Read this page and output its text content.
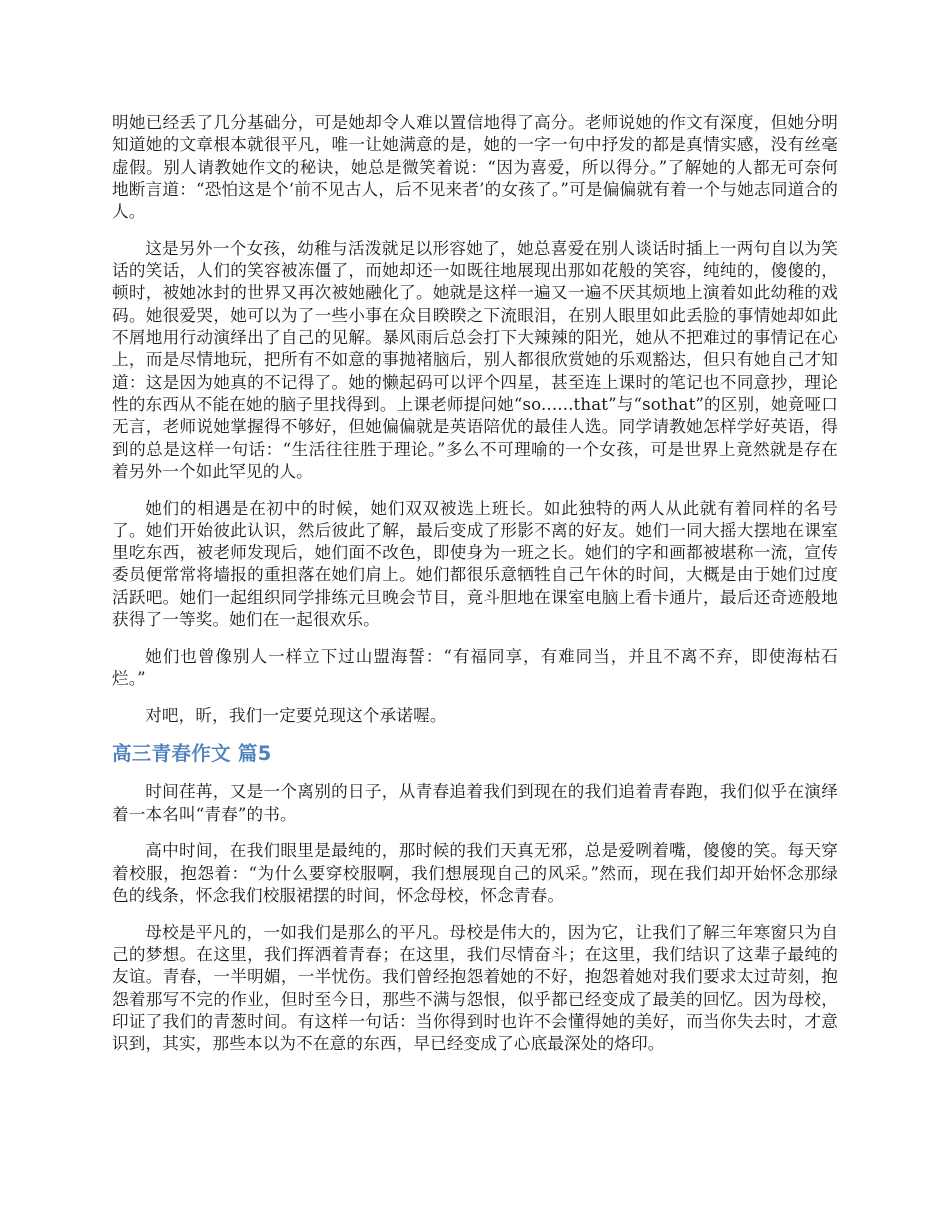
明她已经丢了几分基础分，可是她却令人难以置信地得了高分。老师说她的作文有深度，但她分明知道她的文章根本就很平凡，唯一让她满意的是，她的一字一句中抒发的都是真情实感，没有丝毫虚假。别人请教她作文的秘诀，她总是微笑着说：“因为喜爱，所以得分。”了解她的人都无可奈何地断言道：“恐怕这是个‘前不见古人，后不见来者’的女孩了。”可是偏偏就有着一个与她志同道合的人。

这是另外一个女孩，幼稚与活泼就足以形容她了，她总喜爱在别人谈话时插上一两句自以为笑话的笑话，人们的笑容被冻僵了，而她却还一如既往地展现出那如花般的笑容，纯纯的，傻傻的，顿时，被她冰封的世界又再次被她融化了。她就是这样一遍又一遍不厌其烦地上演着如此幼稚的戏码。她很爱哭，她可以为了一些小事在众目睽睽之下流眼泪，在别人眼里如此丢脸的事情她却如此不屑地用行动演绎出了自己的见解。暴风雨后总会打下大辣辣的阳光，她从不把难过的事情记在心上，而是尽情地玩，把所有不如意的事抛褚脑后，别人都很欣赏她的乐观豁达，但只有她自己才知道：这是因为她真的不记得了。她的懒起码可以评个四星，甚至连上课时的笔记也不同意抄，理论性的东西从不能在她的脑子里找得到。上课老师提问她“so......that”与“sothat”的区别，她竟哑口无言，老师说她掌握得不够好，但她偏偏就是英语陪优的最佳人选。同学请教她怎样学好英语，得到的总是这样一句话：“生活往往胜于理论。”多么不可理喻的一个女孩，可是世界上竟然就是存在着另外一个如此罕见的人。

她们的相遇是在初中的时候，她们双双被选上班长。如此独特的两人从此就有着同样的名号了。她们开始彼此认识，然后彼此了解，最后变成了形影不离的好友。她们一同大摇大摆地在课室里吃东西，被老师发现后，她们面不改色，即使身为一班之长。她们的字和画都被堪称一流，宣传委员便常常将墙报的重担落在她们肩上。她们都很乐意牺牲自己午休的时间，大概是由于她们过度活跃吧。她们一起组织同学排练元旦晚会节目，竟斗胆地在课室电脑上看卡通片，最后还奇迹般地获得了一等奖。她们在一起很欢乐。

她们也曾像别人一样立下过山盟海誓：“有福同享，有难同当，并且不离不弃，即使海枯石烂。”

对吧，昕，我们一定要兑现这个承诺喔。

高三青春作文 篇5

时间荏苒，又是一个离别的日子，从青春追着我们到现在的我们追着青春跑，我们似乎在演绎着一本名叫“青春”的书。

高中时间，在我们眼里是最纯的，那时候的我们天真无邪，总是爱咧着嘴，傻傻的笑。每天穿着校服，抱怨着：“为什么要穿校服啊，我们想展现自己的风采。”然而，现在我们却开始怀念那绿色的线条，怀念我们校服裙摆的时间，怀念母校，怀念青春。

母校是平凡的，一如我们是那么的平凡。母校是伟大的，因为它，让我们了解三年寒窗只为自己的梦想。在这里，我们挥洒着青春；在这里，我们尽情奋斗；在这里，我们结识了这辈子最纯的友谊。青春，一半明媚，一半忧伤。我们曾经抱怨着她的不好，抱怨着她对我们要求太过苛刻，抱怨着那写不完的作业，但时至今日，那些不满与怨恨，似乎都已经变成了最美的回忆。因为母校，印证了我们的青葱时间。有这样一句话：当你得到时也许不会懂得她的美好，而当你失去时，才意识到，其实，那些本以为不在意的东西，早已经变成了心底最深处的烙印。
